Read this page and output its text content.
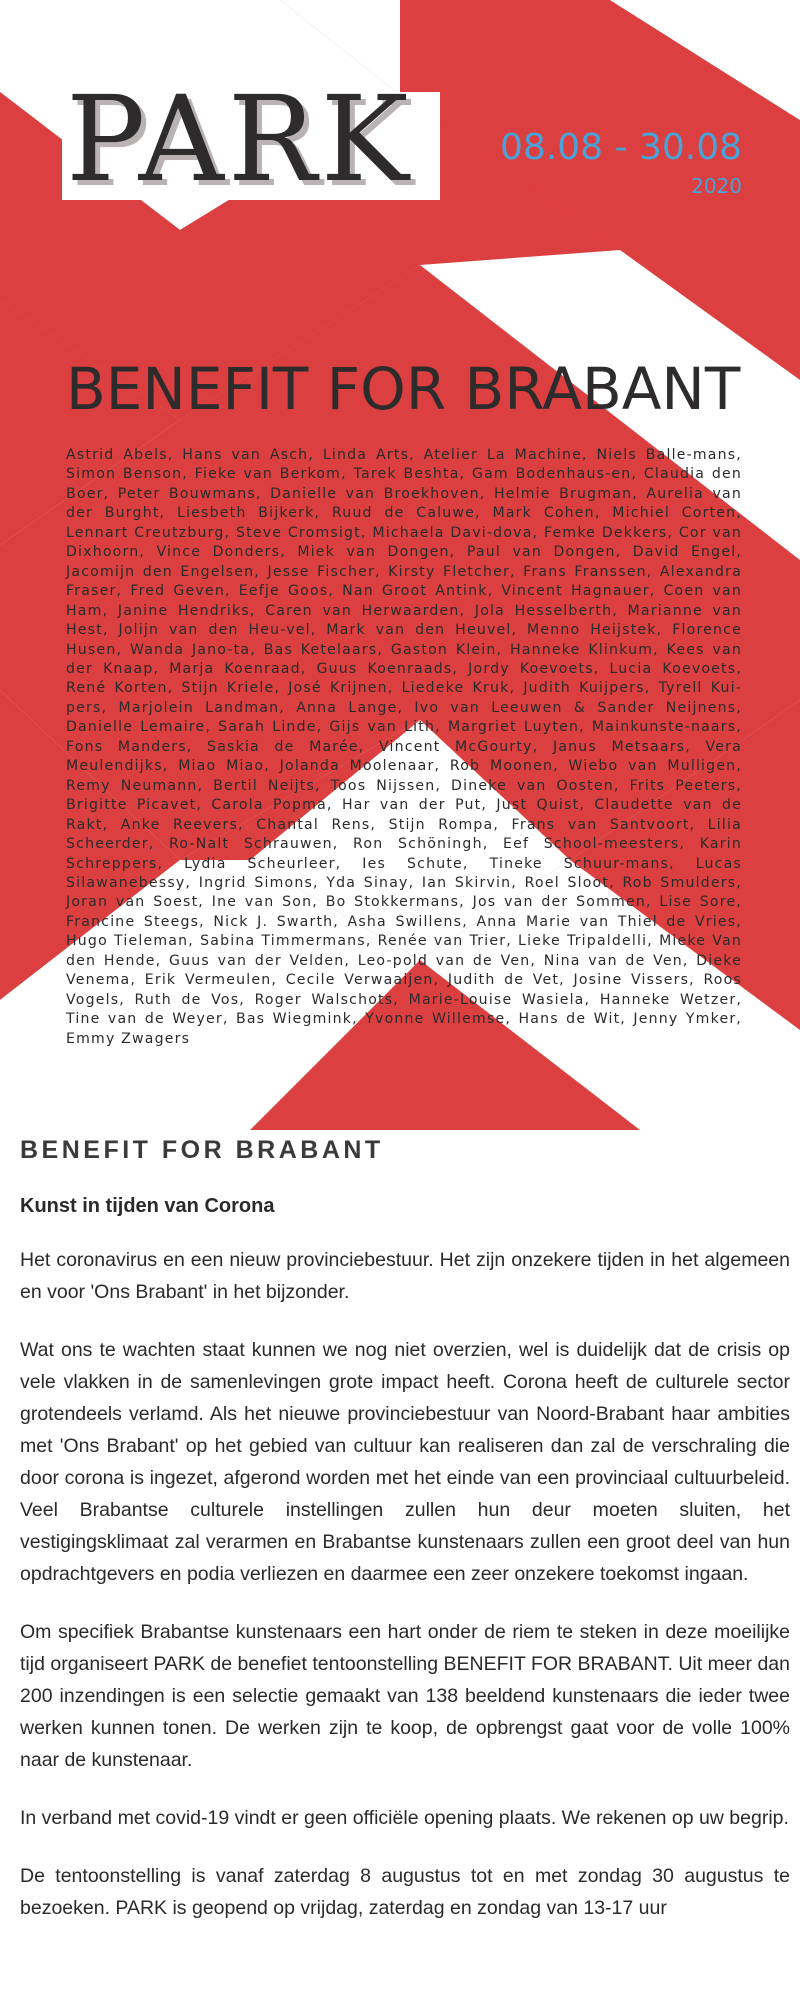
PARK 08.08 - 30.08
2020
BENEFIT FOR BRABANT
Astrid Abels, Hans van Asch, Linda Arts, Atelier La Machine, Niels Balle-mans, Simon Benson, Fieke van Berkom, Tarek Beshta, Gam Bodenhaus-en, Claudia den Boer, Peter Bouwmans, Danielle van Broekhoven, Helmie Brugman, Aurelia van der Burght, Liesbeth Bijkerk, Ruud de Caluwe, Mark Cohen, Michiel Corten, Lennart Creutzburg, Steve Cromsigt, Michaela Davi-dova, Femke Dekkers, Cor van Dixhoorn, Vince Donders, Miek van Dongen, Paul van Dongen, David Engel, Jacomijn den Engelsen, Jesse Fischer, Kirsty Fletcher, Frans Franssen, Alexandra Fraser, Fred Geven, Eefje Goos, Nan Groot Antink, Vincent Hagnauer, Coen van Ham, Janine Hendriks, Caren van Herwaarden, Jola Hesselberth, Marianne van Hest, Jolijn van den Heu-vel, Mark van den Heuvel, Menno Heijstek, Florence Husen, Wanda Jano-ta, Bas Ketelaars, Gaston Klein, Hanneke Klinkum, Kees van der Knaap, Marja Koenraad, Guus Koenraads, Jordy Koevoets, Lucia Koevoets, René Korten, Stijn Kriele, José Krijnen, Liedeke Kruk, Judith Kuijpers, Tyrell Kui-pers, Marjolein Landman, Anna Lange, Ivo van Leeuwen & Sander Neijnens, Danielle Lemaire, Sarah Linde, Gijs van Lith, Margriet Luyten, Mainkunste-naars, Fons Manders, Saskia de Marée, Vincent McGourty, Janus Metsaars, Vera Meulendijks, Miao Miao, Jolanda Moolenaar, Rob Moonen, Wiebo van Mulligen, Remy Neumann, Bertil Neijts, Toos Nijssen, Dineke van Oosten, Frits Peeters, Brigitte Picavet, Carola Popma, Har van der Put, Just Quist, Claudette van de Rakt, Anke Reevers, Chantal Rens, Stijn Rompa, Frans van Santvoort, Lilia Scheerder, Ro-Nalt Schrauwen, Ron Schöningh, Eef School-meesters, Karin Schreppers, Lydia Scheurleer, Ies Schute, Tineke Schuur-mans, Lucas Silawanebessy, Ingrid Simons, Yda Sinay, Ian Skirvin, Roel Sloot, Rob Smulders, Joran van Soest, Ine van Son, Bo Stokkermans, Jos van der Sommen, Lise Sore, Francine Steegs, Nick J. Swarth, Asha Swillens, Anna Marie van Thiel de Vries, Hugo Tieleman, Sabina Timmermans, Renée van Trier, Lieke Tripaldelli, Mieke Van den Hende, Guus van der Velden, Leo-pold van de Ven, Nina van de Ven, Dieke Venema, Erik Vermeulen, Cecile Verwaaijen, Judith de Vet, Josine Vissers, Roos Vogels, Ruth de Vos, Roger Walschots, Marie-Louise Wasiela, Hanneke Wetzer, Tine van de Weyer, Bas Wiegmink, Yvonne Willemse, Hans de Wit, Jenny Ymker, Emmy Zwagers
BENEFIT FOR BRABANT
Kunst in tijden van Corona

Het coronavirus en een nieuw provinciebestuur. Het zijn onzekere tijden in het algemeen en voor 'Ons Brabant' in het bijzonder.

Wat ons te wachten staat kunnen we nog niet overzien, wel is duidelijk dat de crisis op vele vlakken in de samenlevingen grote impact heeft. Corona heeft de culturele sector grotendeels verlamd. Als het nieuwe provinciebestuur van Noord-Brabant haar ambities met 'Ons Brabant' op het gebied van cultuur kan realiseren dan zal de verschraling die door corona is ingezet, afgerond worden met het einde van een provinciaal cultuurbeleid. Veel Brabantse culturele instellingen zullen hun deur moeten sluiten, het vestigingsklimaat zal verarmen en Brabantse kunstenaars zullen een groot deel van hun opdrachtgevers en podia verliezen en daarmee een zeer onzekere toekomst ingaan.

Om specifiek Brabantse kunstenaars een hart onder de riem te steken in deze moeilijke tijd organiseert PARK de benefiet tentoonstelling BENEFIT FOR BRABANT. Uit meer dan 200 inzendingen is een selectie gemaakt van 138 beeldend kunstenaars die ieder twee werken kunnen tonen. De werken zijn te koop, de opbrengst gaat voor de volle 100% naar de kunstenaar.

In verband met covid-19 vindt er geen officiële opening plaats. We rekenen op uw begrip.

De tentoonstelling is vanaf zaterdag 8 augustus tot en met zondag 30 augustus te bezoeken. PARK is geopend op vrijdag, zaterdag en zondag van 13-17 uur
